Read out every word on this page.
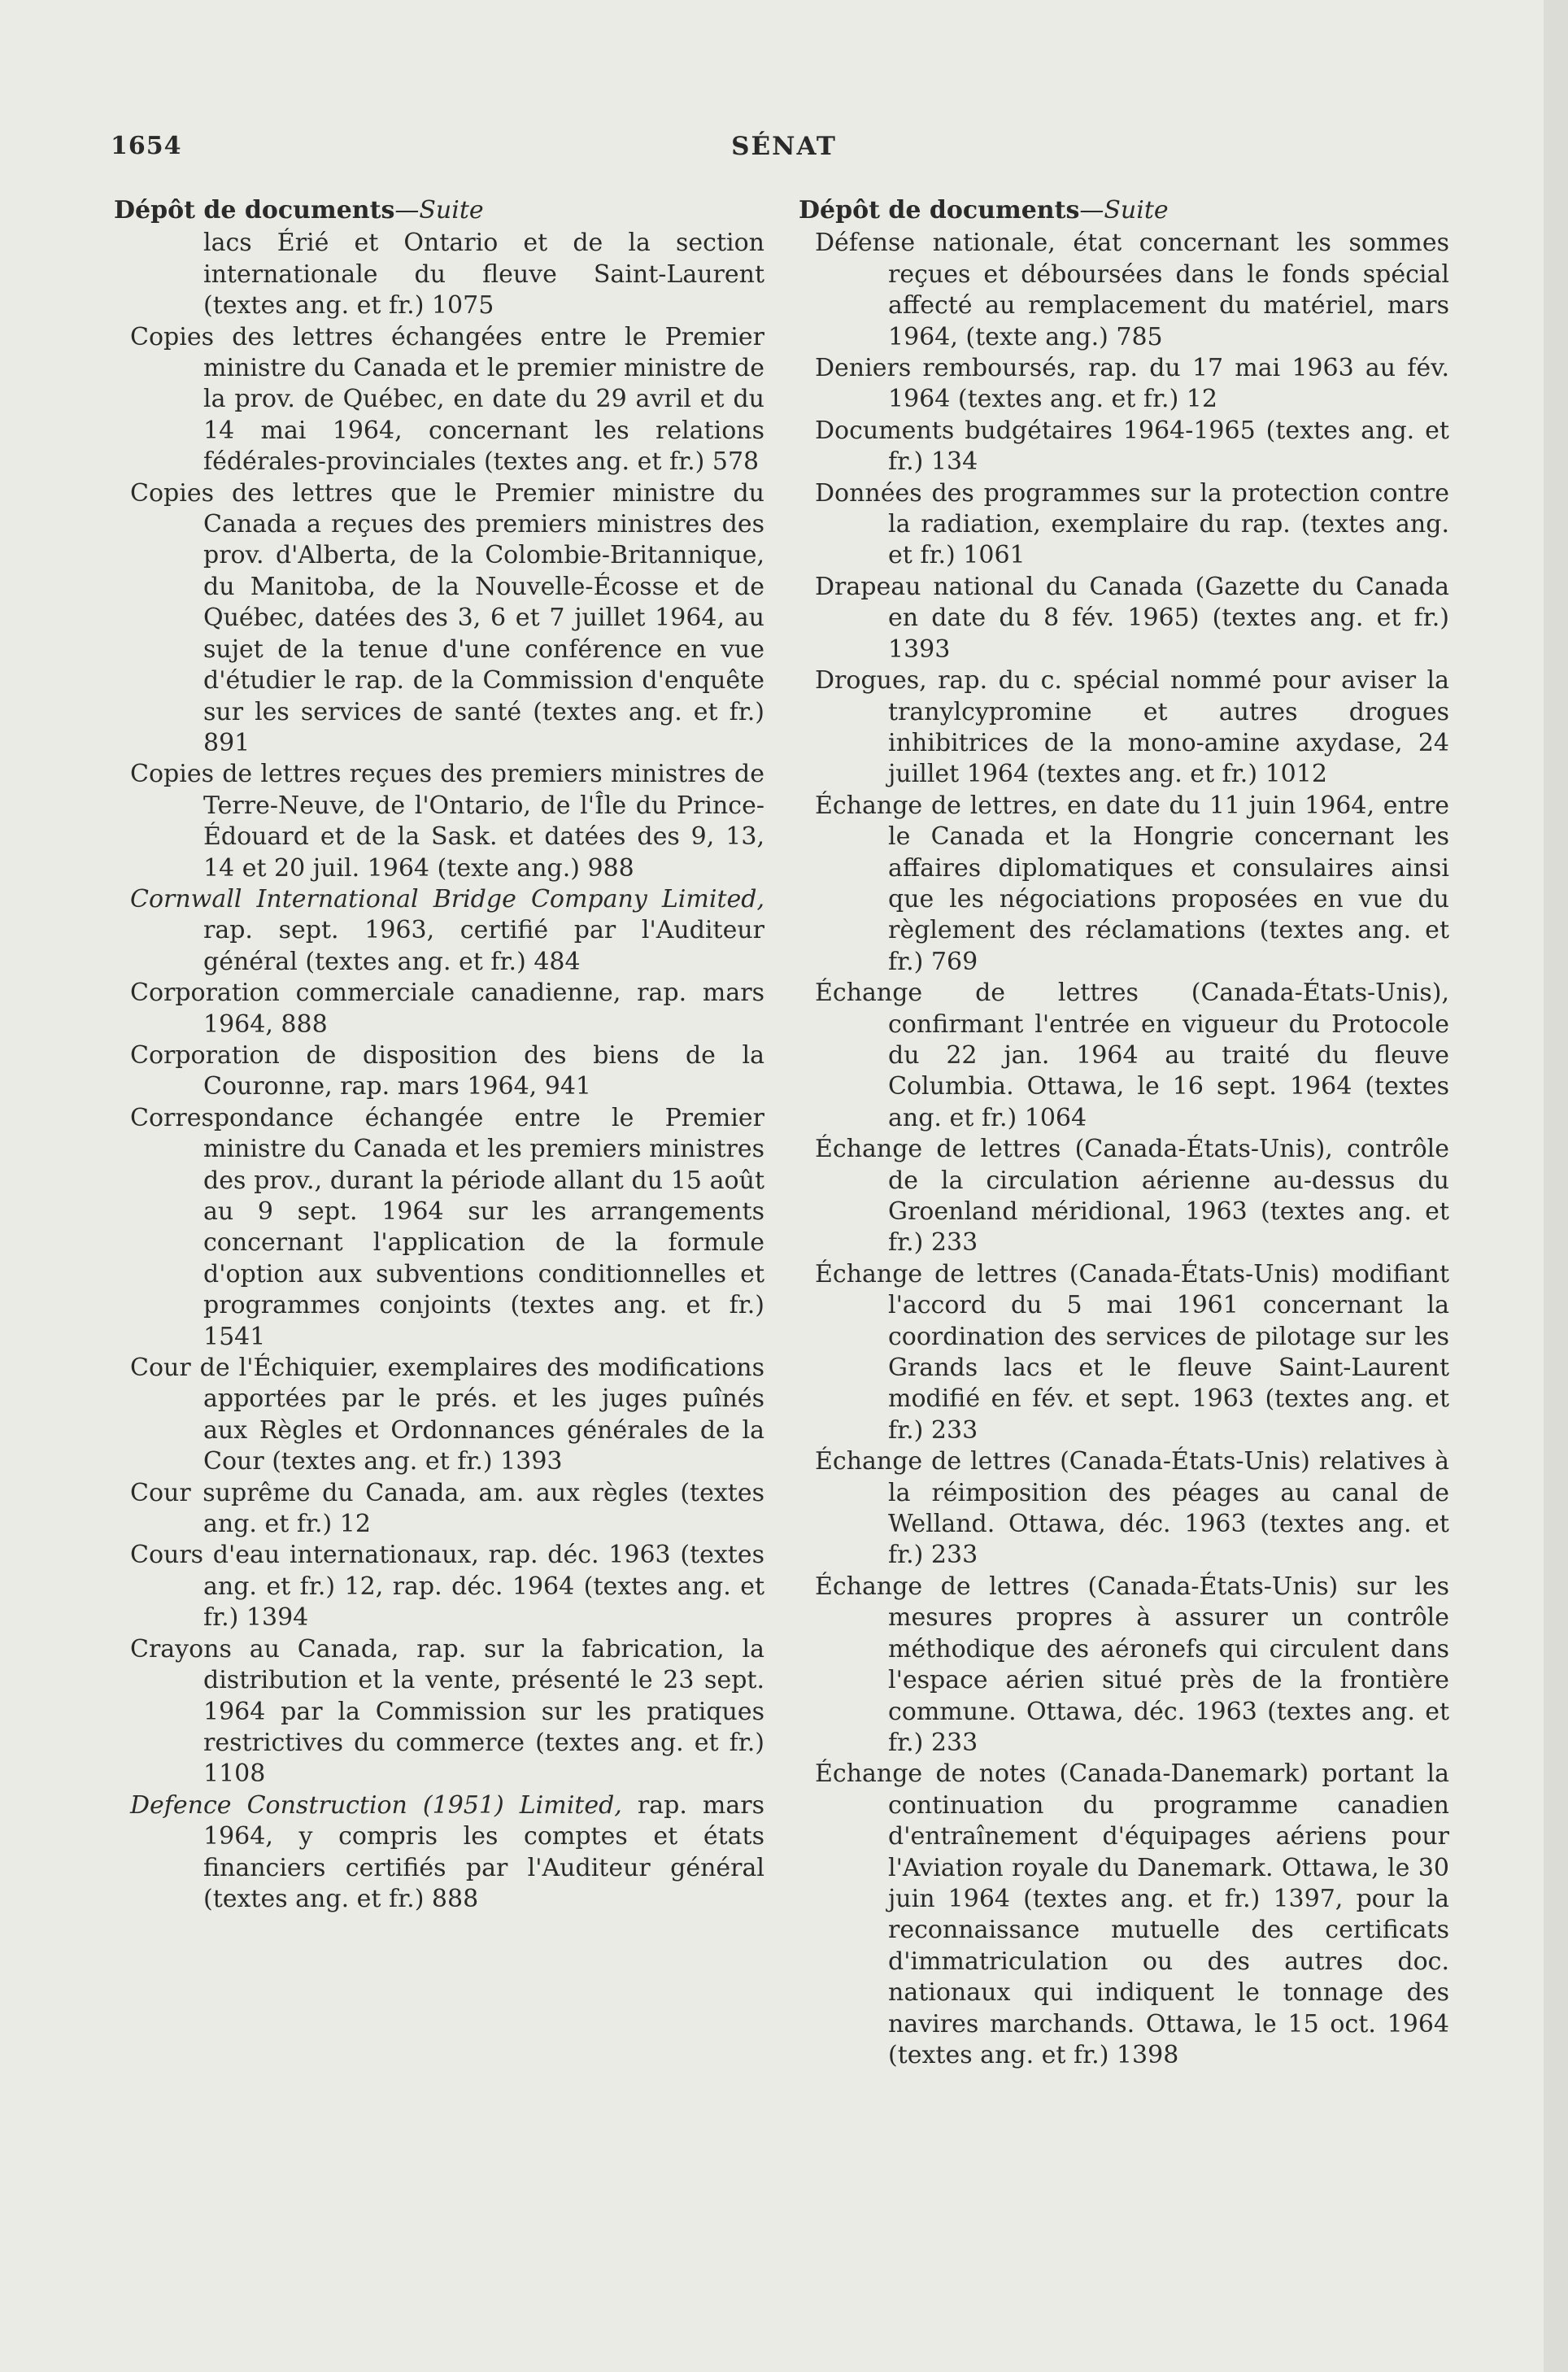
1654	SÉNAT
Dépôt de documents—Suite

lacs Érié et Ontario et de la section internationale du fleuve Saint-Laurent (textes ang. et fr.) 1075

Copies des lettres échangées entre le Premier ministre du Canada et le premier ministre de la prov. de Québec, en date du 29 avril et du 14 mai 1964, concernant les relations fédérales-provinciales (textes ang. et fr.) 578

Copies des lettres que le Premier ministre du Canada a reçues des premiers ministres des prov. d'Alberta, de la Colombie-Britannique, du Manitoba, de la Nouvelle-Écosse et de Québec, datées des 3, 6 et 7 juillet 1964, au sujet de la tenue d'une conférence en vue d'étudier le rap. de la Commission d'enquête sur les services de santé (textes ang. et fr.) 891

Copies de lettres reçues des premiers ministres de Terre-Neuve, de l'Ontario, de l'Île du Prince-Édouard et de la Sask. et datées des 9, 13, 14 et 20 juil. 1964 (texte ang.) 988

Cornwall International Bridge Company Limited, rap. sept. 1963, certifié par l'Auditeur général (textes ang. et fr.) 484

Corporation commerciale canadienne, rap. mars 1964, 888

Corporation de disposition des biens de la Couronne, rap. mars 1964, 941

Correspondance échangée entre le Premier ministre du Canada et les premiers ministres des prov., durant la période allant du 15 août au 9 sept. 1964 sur les arrangements concernant l'application de la formule d'option aux subventions conditionnelles et programmes conjoints (textes ang. et fr.) 1541

Cour de l'Échiquier, exemplaires des modifications apportées par le prés. et les juges puînés aux Règles et Ordonnances générales de la Cour (textes ang. et fr.) 1393

Cour suprême du Canada, am. aux règles (textes ang. et fr.) 12

Cours d'eau internationaux, rap. déc. 1963 (textes ang. et fr.) 12, rap. déc. 1964 (textes ang. et fr.) 1394

Crayons au Canada, rap. sur la fabrication, la distribution et la vente, présenté le 23 sept. 1964 par la Commission sur les pratiques restrictives du commerce (textes ang. et fr.) 1108

Defence Construction (1951) Limited, rap. mars 1964, y compris les comptes et états financiers certifiés par l'Auditeur général (textes ang. et fr.) 888

Dépôt de documents—Suite

Défense nationale, état concernant les sommes reçues et déboursées dans le fonds spécial affecté au remplacement du matériel, mars 1964, (texte ang.) 785

Deniers remboursés, rap. du 17 mai 1963 au fév. 1964 (textes ang. et fr.) 12

Documents budgétaires 1964-1965 (textes ang. et fr.) 134

Données des programmes sur la protection contre la radiation, exemplaire du rap. (textes ang. et fr.) 1061

Drapeau national du Canada (Gazette du Canada en date du 8 fév. 1965) (textes ang. et fr.) 1393

Drogues, rap. du c. spécial nommé pour aviser la tranylcypromine et autres drogues inhibitrices de la mono-amine axydase, 24 juillet 1964 (textes ang. et fr.) 1012

Échange de lettres, en date du 11 juin 1964, entre le Canada et la Hongrie concernant les affaires diplomatiques et consulaires ainsi que les négociations proposées en vue du règlement des réclamations (textes ang. et fr.) 769

Échange de lettres (Canada-États-Unis), confirmant l'entrée en vigueur du Protocole du 22 jan. 1964 au traité du fleuve Columbia. Ottawa, le 16 sept. 1964 (textes ang. et fr.) 1064

Échange de lettres (Canada-États-Unis), contrôle de la circulation aérienne au-dessus du Groenland méridional, 1963 (textes ang. et fr.) 233

Échange de lettres (Canada-États-Unis) modifiant l'accord du 5 mai 1961 concernant la coordination des services de pilotage sur les Grands lacs et le fleuve Saint-Laurent modifié en fév. et sept. 1963 (textes ang. et fr.) 233

Échange de lettres (Canada-États-Unis) relatives à la réimposition des péages au canal de Welland. Ottawa, déc. 1963 (textes ang. et fr.) 233

Échange de lettres (Canada-États-Unis) sur les mesures propres à assurer un contrôle méthodique des aéronefs qui circulent dans l'espace aérien situé près de la frontière commune. Ottawa, déc. 1963 (textes ang. et fr.) 233

Échange de notes (Canada-Danemark) portant la continuation du programme canadien d'entraînement d'équipages aériens pour l'Aviation royale du Danemark. Ottawa, le 30 juin 1964 (textes ang. et fr.) 1397, pour la reconnaissance mutuelle des certificats d'immatriculation ou des autres doc. nationaux qui indiquent le tonnage des navires marchands. Ottawa, le 15 oct. 1964 (textes ang. et fr.) 1398
